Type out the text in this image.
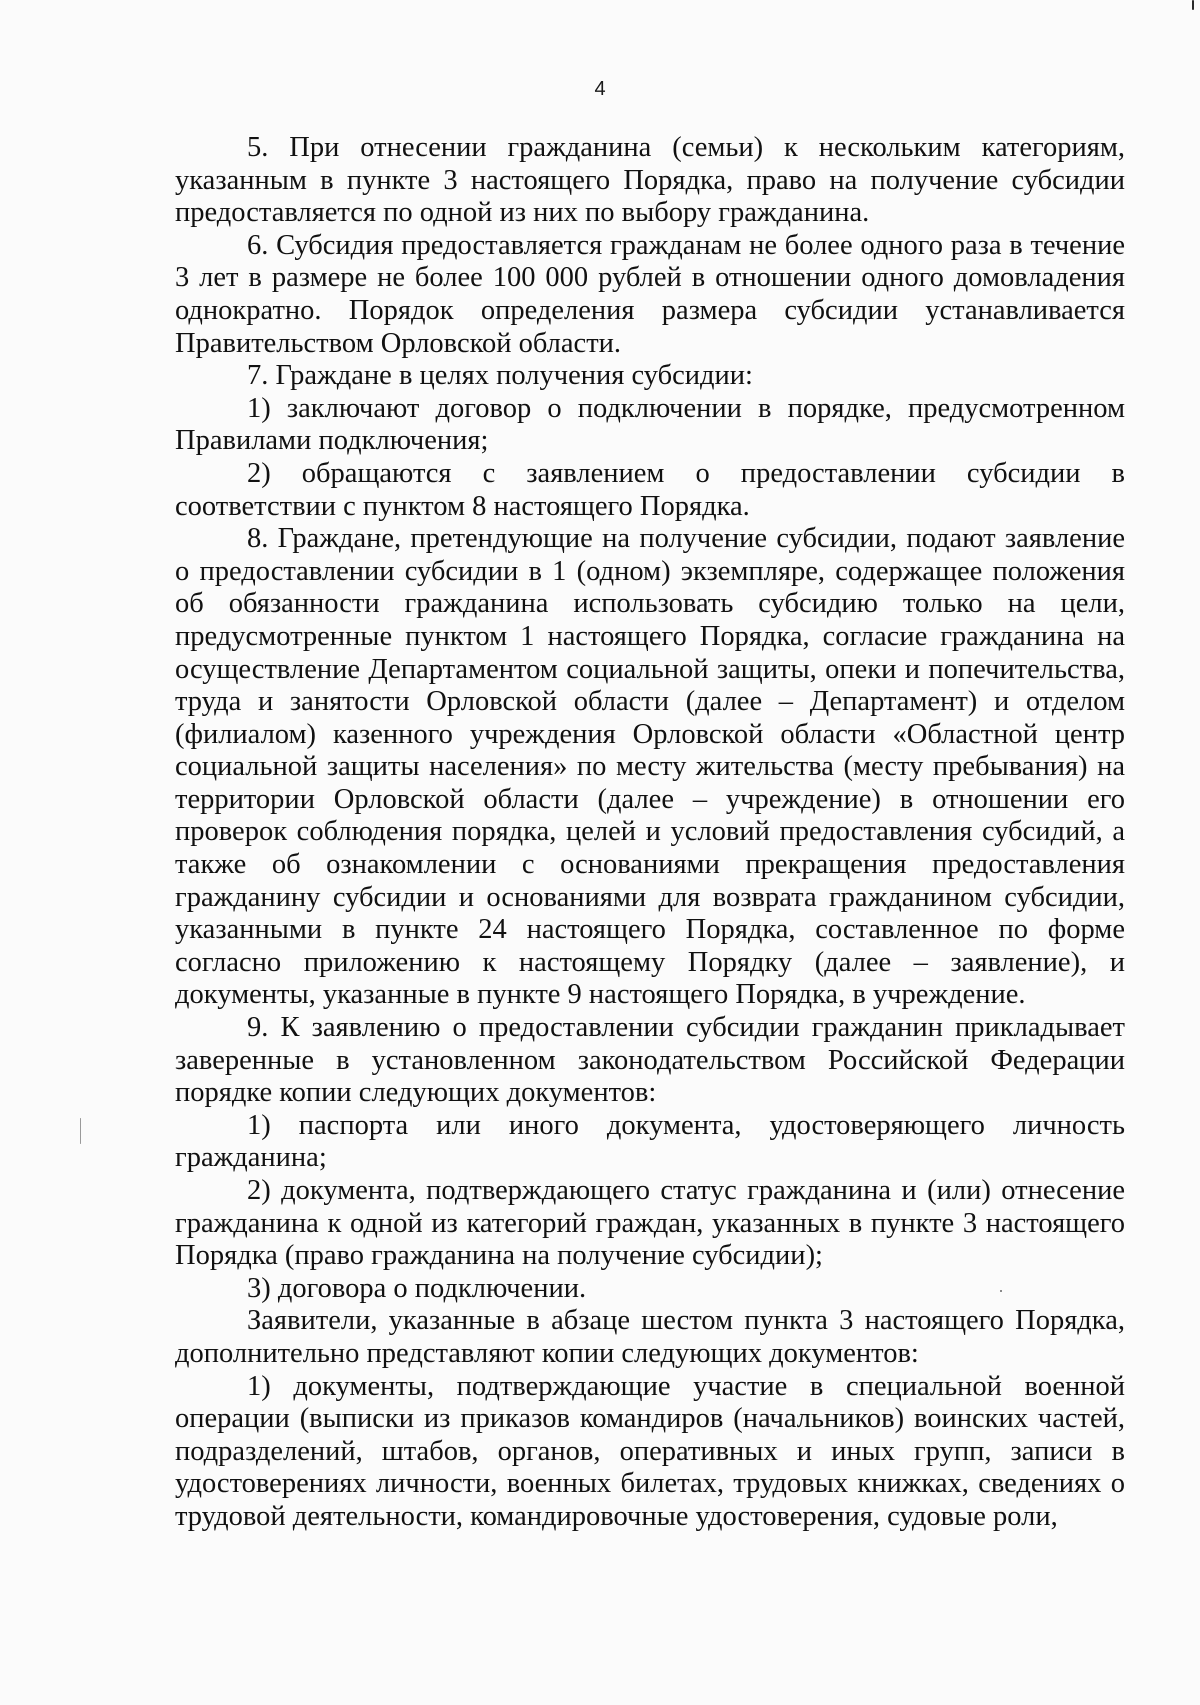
4

5. При отнесении гражданина (семьи) к нескольким категориям, указанным в пункте 3 настоящего Порядка, право на получение субсидии предоставляется по одной из них по выбору гражданина.

6. Субсидия предоставляется гражданам не более одного раза в течение 3 лет в размере не более 100 000 рублей в отношении одного домовладения однократно. Порядок определения размера субсидии устанавливается Правительством Орловской области.

7. Граждане в целях получения субсидии:

1) заключают договор о подключении в порядке, предусмотренном Правилами подключения;

2) обращаются с заявлением о предоставлении субсидии в соответствии с пунктом 8 настоящего Порядка.

8. Граждане, претендующие на получение субсидии, подают заявление о предоставлении субсидии в 1 (одном) экземпляре, содержащее положения об обязанности гражданина использовать субсидию только на цели, предусмотренные пунктом 1 настоящего Порядка, согласие гражданина на осуществление Департаментом социальной защиты, опеки и попечительства, труда и занятости Орловской области (далее – Департамент) и отделом (филиалом) казенного учреждения Орловской области «Областной центр социальной защиты населения» по месту жительства (месту пребывания) на территории Орловской области (далее – учреждение) в отношении его проверок соблюдения порядка, целей и условий предоставления субсидий, а также об ознакомлении с основаниями прекращения предоставления гражданину субсидии и основаниями для возврата гражданином субсидии, указанными в пункте 24 настоящего Порядка, составленное по форме согласно приложению к настоящему Порядку (далее – заявление), и документы, указанные в пункте 9 настоящего Порядка, в учреждение.

9. К заявлению о предоставлении субсидии гражданин прикладывает заверенные в установленном законодательством Российской Федерации порядке копии следующих документов:

1) паспорта или иного документа, удостоверяющего личность гражданина;

2) документа, подтверждающего статус гражданина и (или) отнесение гражданина к одной из категорий граждан, указанных в пункте 3 настоящего Порядка (право гражданина на получение субсидии);

3) договора о подключении.

Заявители, указанные в абзаце шестом пункта 3 настоящего Порядка, дополнительно представляют копии следующих документов:

1) документы, подтверждающие участие в специальной военной операции (выписки из приказов командиров (начальников) воинских частей, подразделений, штабов, органов, оперативных и иных групп, записи в удостоверениях личности, военных билетах, трудовых книжках, сведениях о трудовой деятельности, командировочные удостоверения, судовые роли,
